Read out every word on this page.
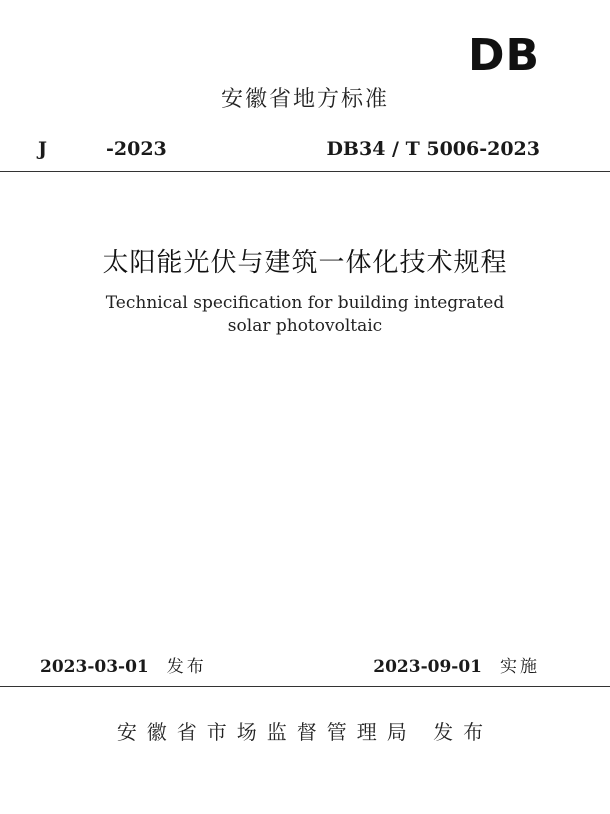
DB
安徽省地方标准
J	-2023	DB34 / T 5006-2023
太阳能光伏与建筑一体化技术规程
Technical specification for building integrated
solar photovoltaic
2023-03-01 发布	2023-09-01 实施
安徽省市场监督管理局 发布
